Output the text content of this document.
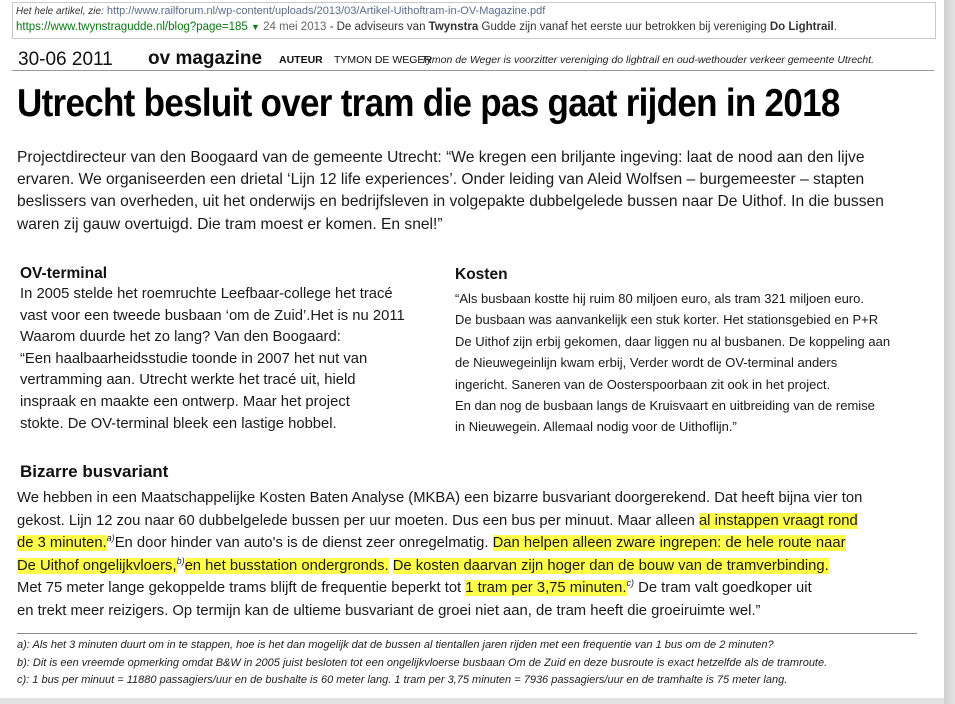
Het hele artikel, zie: http://www.railforum.nl/wp-content/uploads/2013/03/Artikel-Uithoftram-in-OV-Magazine.pdf
https://www.twynstragudde.nl/blog?page=185 ▼ 24 mei 2013 - De adviseurs van Twynstra Gudde zijn vanaf het eerste uur betrokken bij vereniging Do Lightrail.
30-06 2011 ov magazine AUTEUR TYMON DE WEGER
Tymon de Weger is voorzitter vereniging do lightrail en oud-wethouder verkeer gemeente Utrecht.
Utrecht besluit over tram die pas gaat rijden in 2018
Projectdirecteur van den Boogaard van de gemeente Utrecht: “We kregen een briljante ingeving: laat de nood aan den lijve
ervaren. We organiseerden een drietal ‘Lijn 12 life experiences’. Onder leiding van Aleid Wolfsen – burgemeester – stapten
beslissers van overheden, uit het onderwijs en bedrijfsleven in volgepakte dubbelgelede bussen naar De Uithof. In die bussen
waren zij gauw overtuigd. Die tram moest er komen. En snel!”
OV-terminal
In 2005 stelde het roemruchte Leefbaar-college het tracé
vast voor een tweede busbaan ‘om de Zuid’.Het is nu 2011
Waarom duurde het zo lang? Van den Boogaard:
“Een haalbaarheidsstudie toonde in 2007 het nut van
vertramming aan. Utrecht werkte het tracé uit, hield
inspraak en maakte een ontwerp. Maar het project
stokte. De OV-terminal bleek een lastige hobbel.
Kosten
“Als busbaan kostte hij ruim 80 miljoen euro, als tram 321 miljoen euro.
De busbaan was aanvankelijk een stuk korter. Het stationsgebied en P+R
De Uithof zijn erbij gekomen, daar liggen nu al busbanen. De koppeling aan
de Nieuwegeinlijn kwam erbij, Verder wordt de OV-terminal anders
ingericht. Saneren van de Oosterspoorbaan zit ook in het project.
En dan nog de busbaan langs de Kruisvaart en uitbreiding van de remise
in Nieuwegein. Allemaal nodig voor de Uithoflijn.”
Bizarre busvariant
We hebben in een Maatschappelijke Kosten Baten Analyse (MKBA) een bizarre busvariant doorgerekend. Dat heeft bijna vier ton
gekost. Lijn 12 zou naar 60 dubbelgelede bussen per uur moeten. Dus een bus per minuut. Maar alleen al instappen vraagt rond
de 3 minuten.$^{a)}$En door hinder van auto's is de dienst zeer onregelmatig. Dan helpen alleen zware ingrepen: de hele route naar
De Uithof ongelijkvloers,$^{b)}$en het busstation ondergronds. De kosten daarvan zijn hoger dan de bouw van de tramverbinding.
Met 75 meter lange gekoppelde trams blijft de frequentie beperkt tot 1 tram per 3,75 minuten.$^{c)}$ De tram valt goedkoper uit
en trekt meer reizigers. Op termijn kan de ultieme busvariant de groei niet aan, de tram heeft die groeiruimte wel.”
a): Als het 3 minuten duurt om in te stappen, hoe is het dan mogelijk dat de bussen al tientallen jaren rijden met een frequentie van 1 bus om de 2 minuten?
b): Dit is een vreemde opmerking omdat B&W in 2005 juist besloten tot een ongelijkvloerse busbaan Om de Zuid en deze busroute is exact hetzelfde als de tramroute.
c): 1 bus per minuut = 11880 passagiers/uur en de bushalte is 60 meter lang. 1 tram per 3,75 minuten = 7936 passagiers/uur en de tramhalte is 75 meter lang.
